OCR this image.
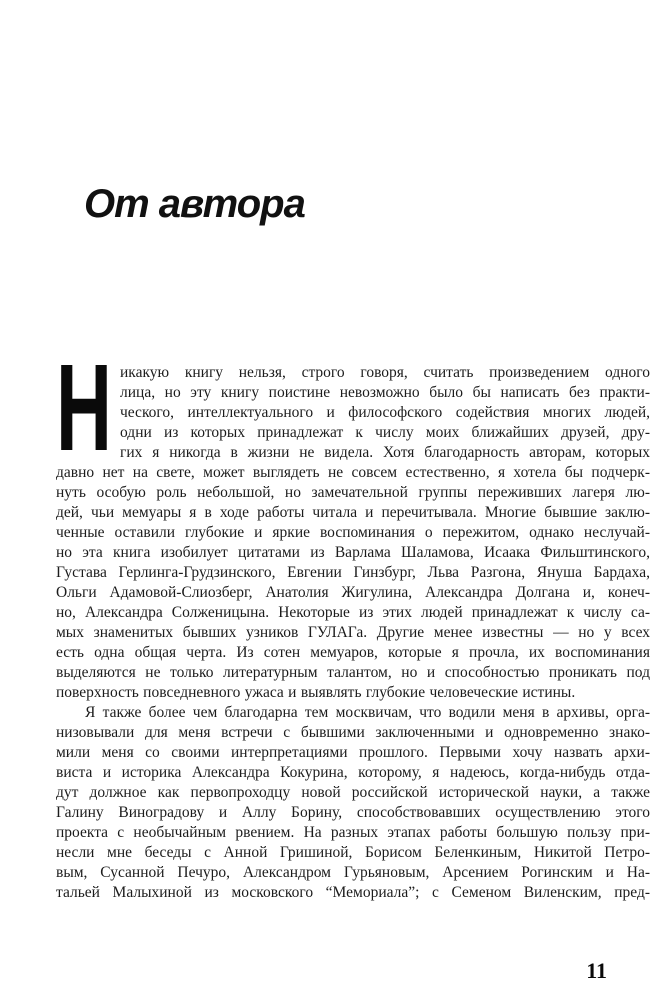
От автора
Н икакую книгу нельзя, строго говоря, считать произведением одного
лица, но эту книгу поистине невозможно было бы написать без практи-
ческого, интеллектуального и философского содействия многих людей,
одни из которых принадлежат к числу моих ближайших друзей, дру-
гих я никогда в жизни не видела. Хотя благодарность авторам, которых
давно нет на свете, может выглядеть не совсем естественно, я хотела бы подчерк-
нуть особую роль небольшой, но замечательной группы переживших лагеря лю-
дей, чьи мемуары я в ходе работы читала и перечитывала. Многие бывшие заклю-
ченные оставили глубокие и яркие воспоминания о пережитом, однако неслучай-
но эта книга изобилует цитатами из Варлама Шаламова, Исаака Фильштинского,
Густава Герлинга-Грудзинского, Евгении Гинзбург, Льва Разгона, Януша Бардаха,
Ольги Адамовой-Слиозберг, Анатолия Жигулина, Александра Долгана и, конеч-
но, Александра Солженицына. Некоторые из этих людей принадлежат к числу са-
мых знаменитых бывших узников ГУЛАГа. Другие менее известны — но у всех
есть одна общая черта. Из сотен мемуаров, которые я прочла, их воспоминания
выделяются не только литературным талантом, но и способностью проникать под
поверхность повседневного ужаса и выявлять глубокие человеческие истины.
Я также более чем благодарна тем москвичам, что водили меня в архивы, орга-
низовывали для меня встречи с бывшими заключенными и одновременно знако-
мили меня со своими интерпретациями прошлого. Первыми хочу назвать архи-
виста и историка Александра Кокурина, которому, я надеюсь, когда-нибудь отда-
дут должное как первопроходцу новой российской исторической науки, а также
Галину Виноградову и Аллу Борину, способствовавших осуществлению этого
проекта с необычайным рвением. На разных этапах работы большую пользу при-
несли мне беседы с Анной Гришиной, Борисом Беленкиным, Никитой Петро-
вым, Сусанной Печуро, Александром Гурьяновым, Арсением Рогинским и На-
тальей Малыхиной из московского “Мемориала”; с Семеном Виленским, пред-
11
